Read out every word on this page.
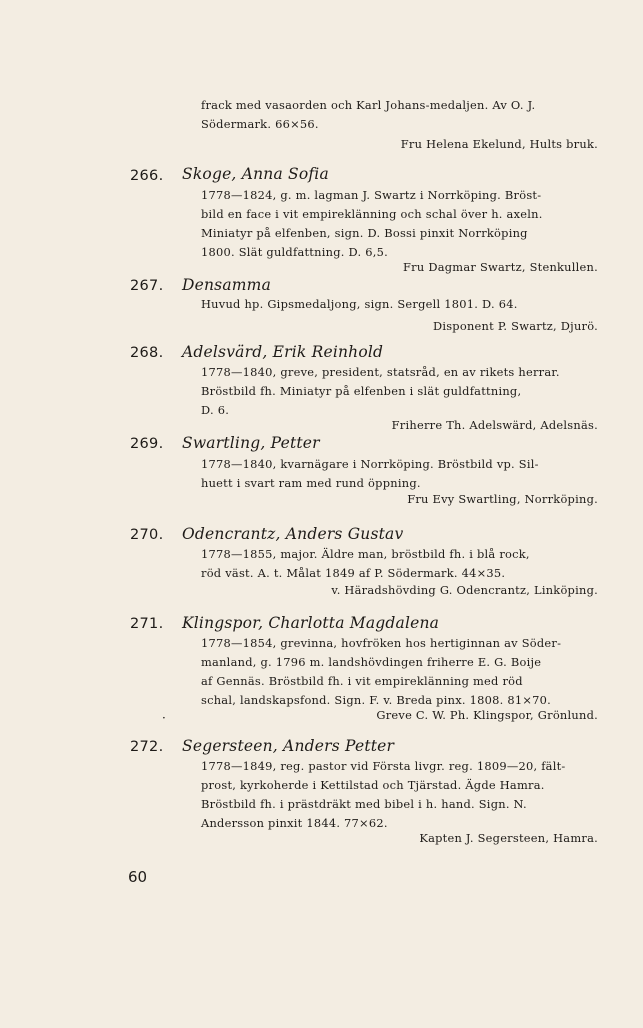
frack med vasaorden och Karl Johans-medaljen. Av O. J.
Södermark. 66×56.
Fru Helena Ekelund, Hults bruk.
266. Skoge, Anna Sofia
1778—1824, g. m. lagman J. Swartz i Norrköping. Bröst-
bild en face i vit empireklänning och schal över h. axeln.
Miniatyr på elfenben, sign. D. Bossi pinxit Norrköping
1800. Slät guldfattning. D. 6,5.
Fru Dagmar Swartz, Stenkullen.
267. Densamma
Huvud hp. Gipsmedaljong, sign. Sergell 1801. D. 64.
Disponent P. Swartz, Djurö.
268. Adelsvärd, Erik Reinhold
1778—1840, greve, president, statsråd, en av rikets herrar.
Bröstbild fh. Miniatyr på elfenben i slät guldfattning,
D. 6.
Friherre Th. Adelswärd, Adelsnäs.
269. Swartling, Petter
1778—1840, kvarnägare i Norrköping. Bröstbild vp. Sil-
huett i svart ram med rund öppning.
Fru Evy Swartling, Norrköping.
270. Odencrantz, Anders Gustav
1778—1855, major. Äldre man, bröstbild fh. i blå rock,
röd väst. A. t. Målat 1849 af P. Södermark. 44×35.
v. Häradshövding G. Odencrantz, Linköping.
271. Klingspor, Charlotta Magdalena
1778—1854, grevinna, hovfröken hos hertiginnan av Söder-
manland, g. 1796 m. landshövdingen friherre E. G. Boije
af Gennäs. Bröstbild fh. i vit empireklänning med röd
schal, landskapsfond. Sign. F. v. Breda pinx. 1808. 81×70.
Greve C. W. Ph. Klingspor, Grönlund.
·
272. Segersteen, Anders Petter
1778—1849, reg. pastor vid Första livgr. reg. 1809—20, fält-
prost, kyrkoherde i Kettilstad och Tjärstad. Ägde Hamra.
Bröstbild fh. i prästdräkt med bibel i h. hand. Sign. N.
Andersson pinxit 1844. 77×62.
Kapten J. Segersteen, Hamra.
60
